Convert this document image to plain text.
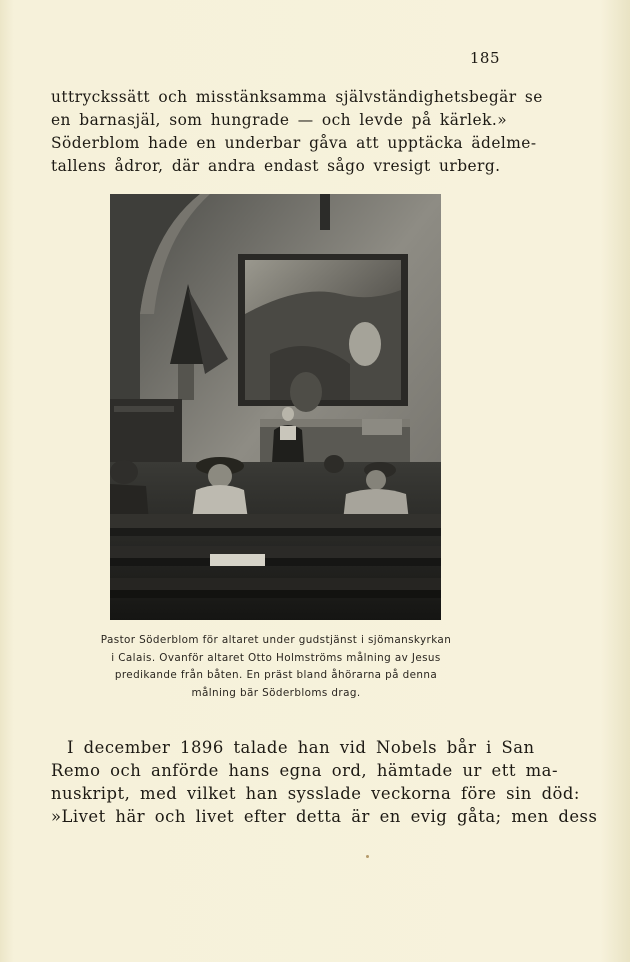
185

uttryckssätt och misstänksamma självständighetsbegär se
en barnasjäl, som hungrade — och levde på kärlek.»
Söderblom hade en underbar gåva att upptäcka ädelme-
tallens ådror, där andra endast sågo vresigt urberg.

Pastor Söderblom för altaret under gudstjänst i sjömanskyrkan
i Calais. Ovanför altaret Otto Holmströms målning av Jesus
predikande från båten. En präst bland åhörarna på denna
målning bär Söderbloms drag.

I december 1896 talade han vid Nobels bår i San
Remo och anförde hans egna ord, hämtade ur ett ma-
nuskript, med vilket han sysslade veckorna före sin död:
»Livet här och livet efter detta är en evig gåta; men dess
